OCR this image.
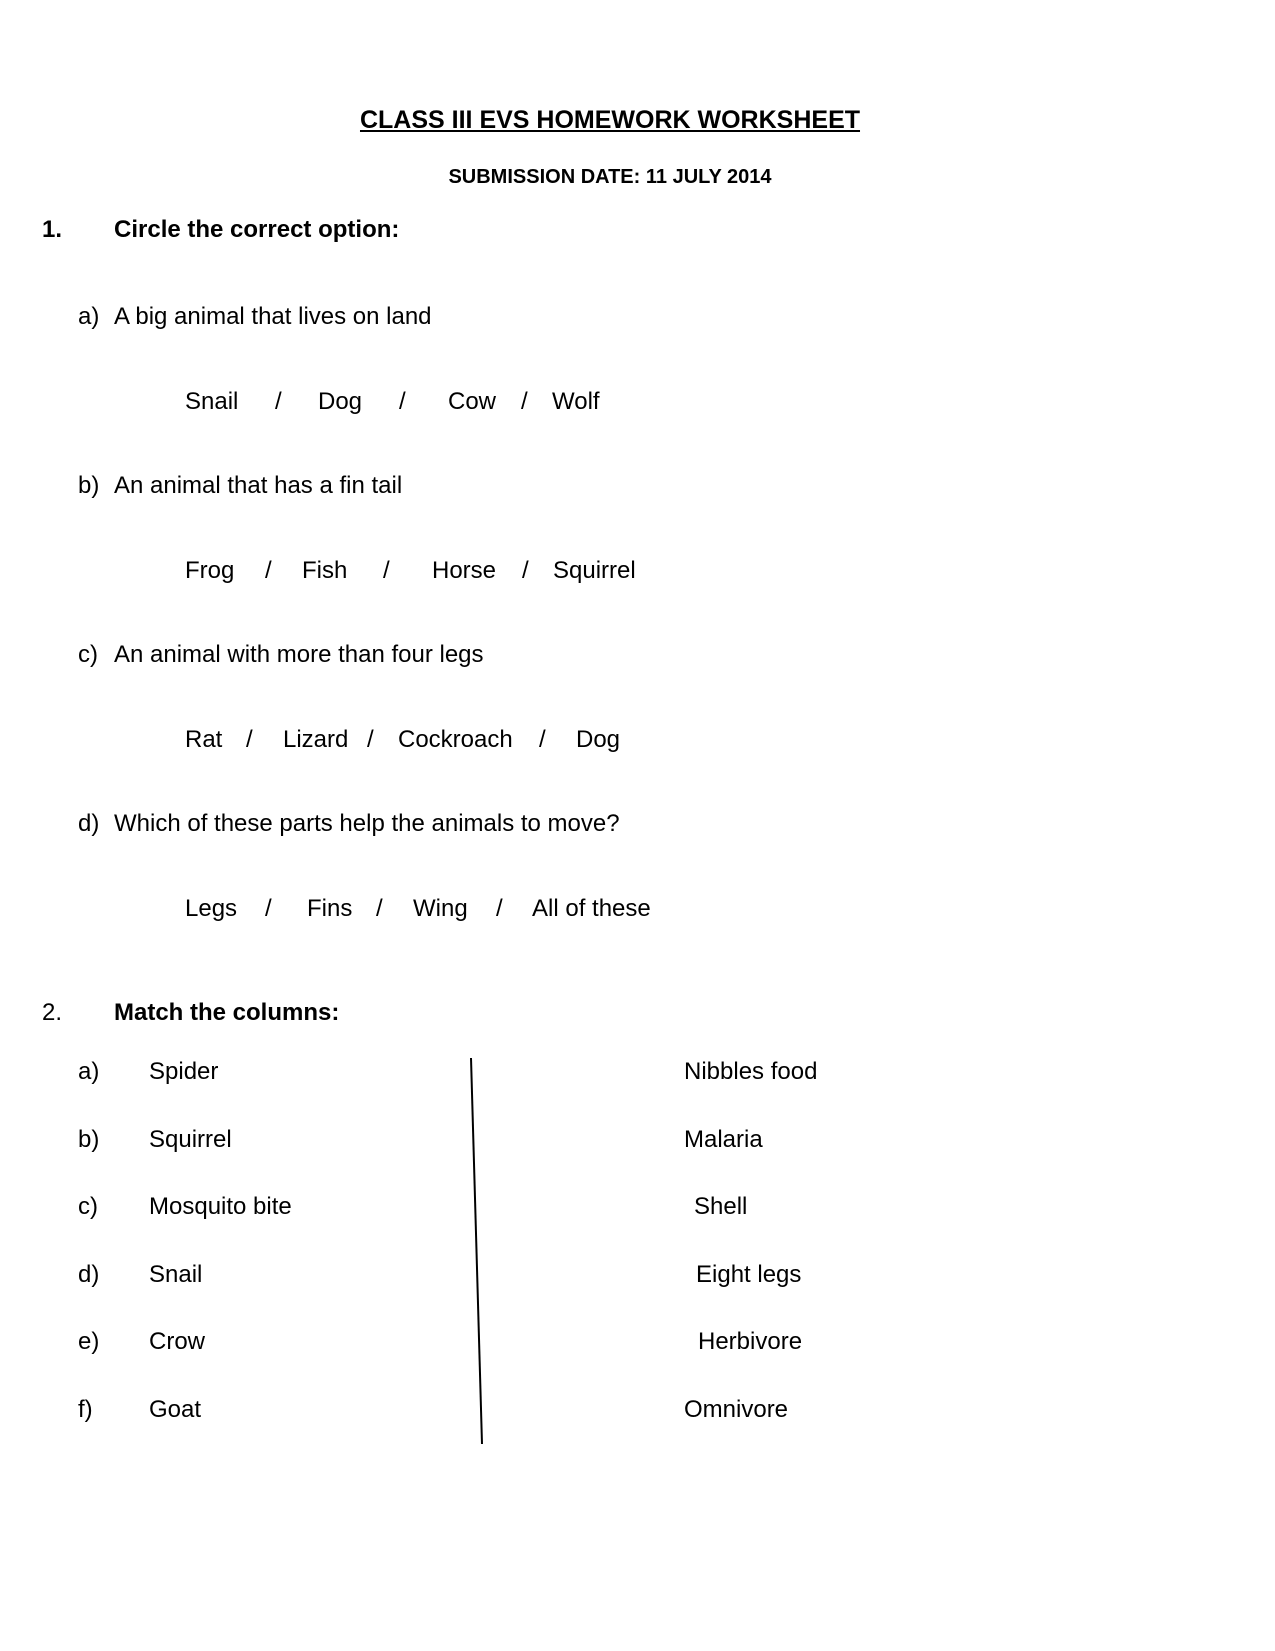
CLASS III EVS HOMEWORK WORKSHEET
SUBMISSION DATE: 11 JULY 2014
1. Circle the correct option:
a) A big animal that lives on land
Snail / Dog / Cow / Wolf
b) An animal that has a fin tail
Frog / Fish / Horse / Squirrel
c) An animal with more than four legs
Rat / Lizard / Cockroach / Dog
d) Which of these parts help the animals to move?
Legs / Fins / Wing / All of these
2. Match the columns:
a) Spider	Nibbles food
b) Squirrel	Malaria
c) Mosquito bite	Shell
d) Snail	Eight legs
e) Crow	Herbivore
f) Goat	Omnivore
